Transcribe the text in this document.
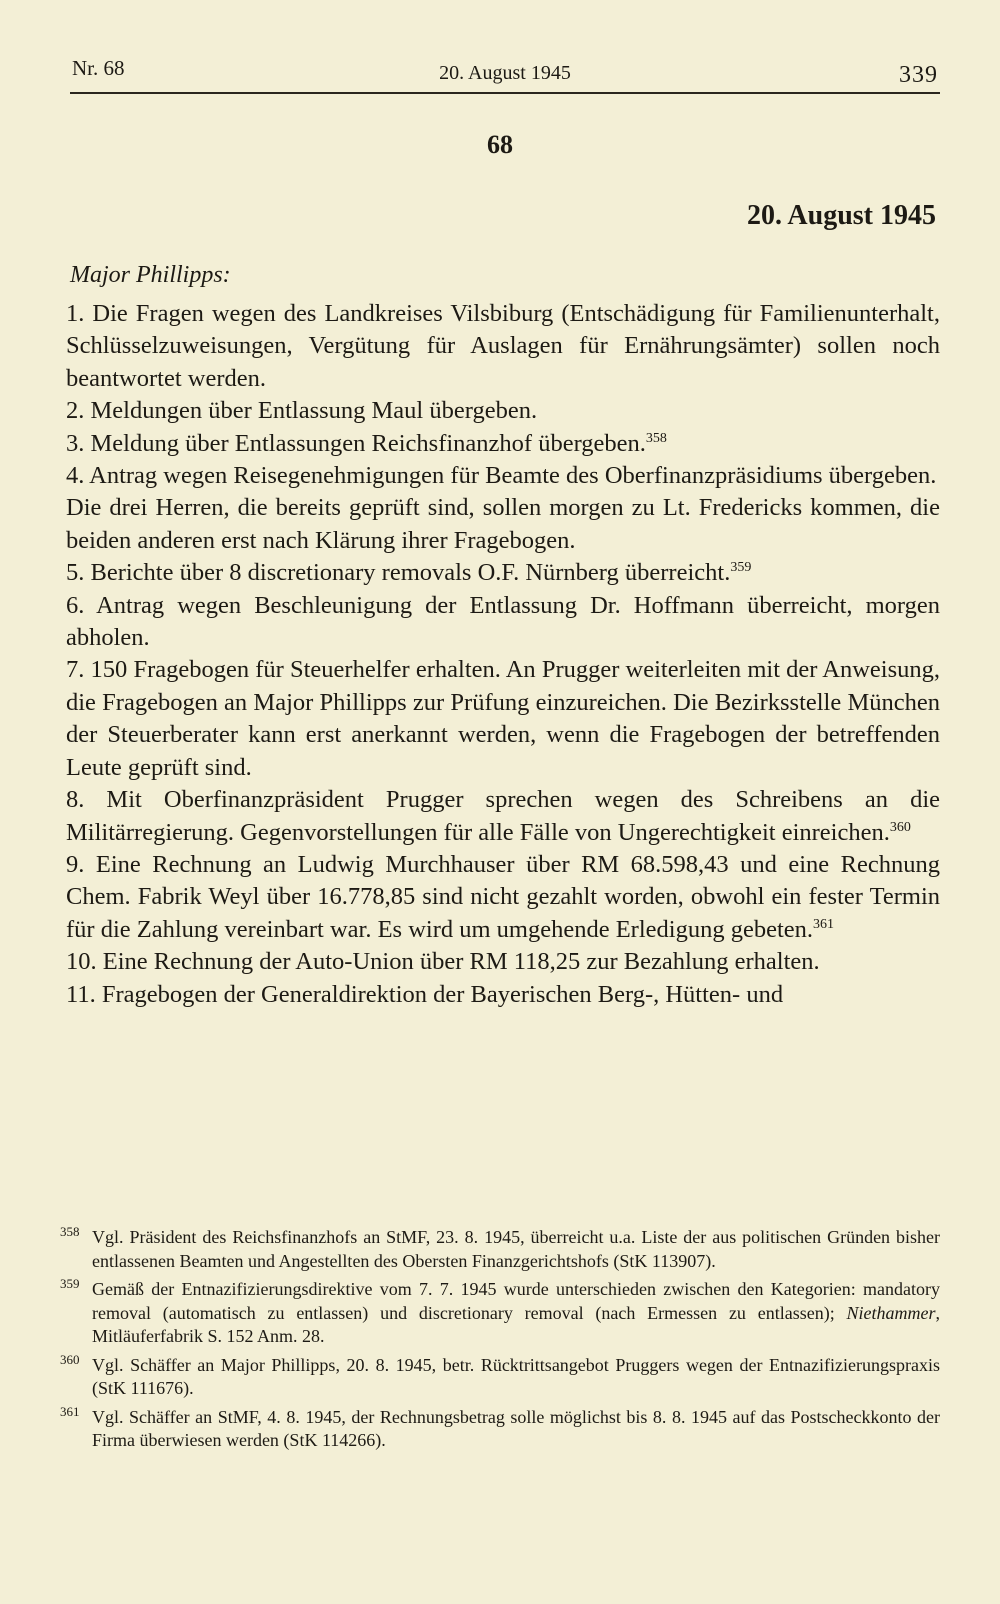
Nr. 68	20. August 1945	339
68
20. August 1945
Major Phillipps:

1. Die Fragen wegen des Landkreises Vilsbiburg (Entschädigung für Familienunterhalt, Schlüsselzuweisungen, Vergütung für Auslagen für Ernährungsämter) sollen noch beantwortet werden.

2. Meldungen über Entlassung Maul übergeben.

3. Meldung über Entlassungen Reichsfinanzhof übergeben.$^{358}$

4. Antrag wegen Reisegenehmigungen für Beamte des Oberfinanzpräsidiums übergeben.

Die drei Herren, die bereits geprüft sind, sollen morgen zu Lt. Fredericks kommen, die beiden anderen erst nach Klärung ihrer Fragebogen.

5. Berichte über 8 discretionary removals O.F. Nürnberg überreicht.$^{359}$

6. Antrag wegen Beschleunigung der Entlassung Dr. Hoffmann überreicht, morgen abholen.

7. 150 Fragebogen für Steuerhelfer erhalten. An Prugger weiterleiten mit der Anweisung, die Fragebogen an Major Phillipps zur Prüfung einzureichen. Die Bezirksstelle München der Steuerberater kann erst anerkannt werden, wenn die Fragebogen der betreffenden Leute geprüft sind.

8. Mit Oberfinanzpräsident Prugger sprechen wegen des Schreibens an die Militärregierung. Gegenvorstellungen für alle Fälle von Ungerechtigkeit einreichen.$^{360}$

9. Eine Rechnung an Ludwig Murchhauser über RM 68.598,43 und eine Rechnung Chem. Fabrik Weyl über 16.778,85 sind nicht gezahlt worden, obwohl ein fester Termin für die Zahlung vereinbart war. Es wird um umgehende Erledigung gebeten.$^{361}$

10. Eine Rechnung der Auto-Union über RM 118,25 zur Bezahlung erhalten.

11. Fragebogen der Generaldirektion der Bayerischen Berg-, Hütten- und

358 Vgl. Präsident des Reichsfinanzhofs an StMF, 23. 8. 1945, überreicht u.a. Liste der aus politischen Gründen bisher entlassenen Beamten und Angestellten des Obersten Finanzgerichtshofs (StK 113907).
359 Gemäß der Entnazifizierungsdirektive vom 7. 7. 1945 wurde unterschieden zwischen den Kategorien: mandatory removal (automatisch zu entlassen) und discretionary removal (nach Ermessen zu entlassen); Niethammer, Mitläuferfabrik S. 152 Anm. 28.
360 Vgl. Schäffer an Major Phillipps, 20. 8. 1945, betr. Rücktrittsangebot Pruggers wegen der Entnazifizierungspraxis (StK 111676).
361 Vgl. Schäffer an StMF, 4. 8. 1945, der Rechnungsbetrag solle möglichst bis 8. 8. 1945 auf das Postscheckkonto der Firma überwiesen werden (StK 114266).
